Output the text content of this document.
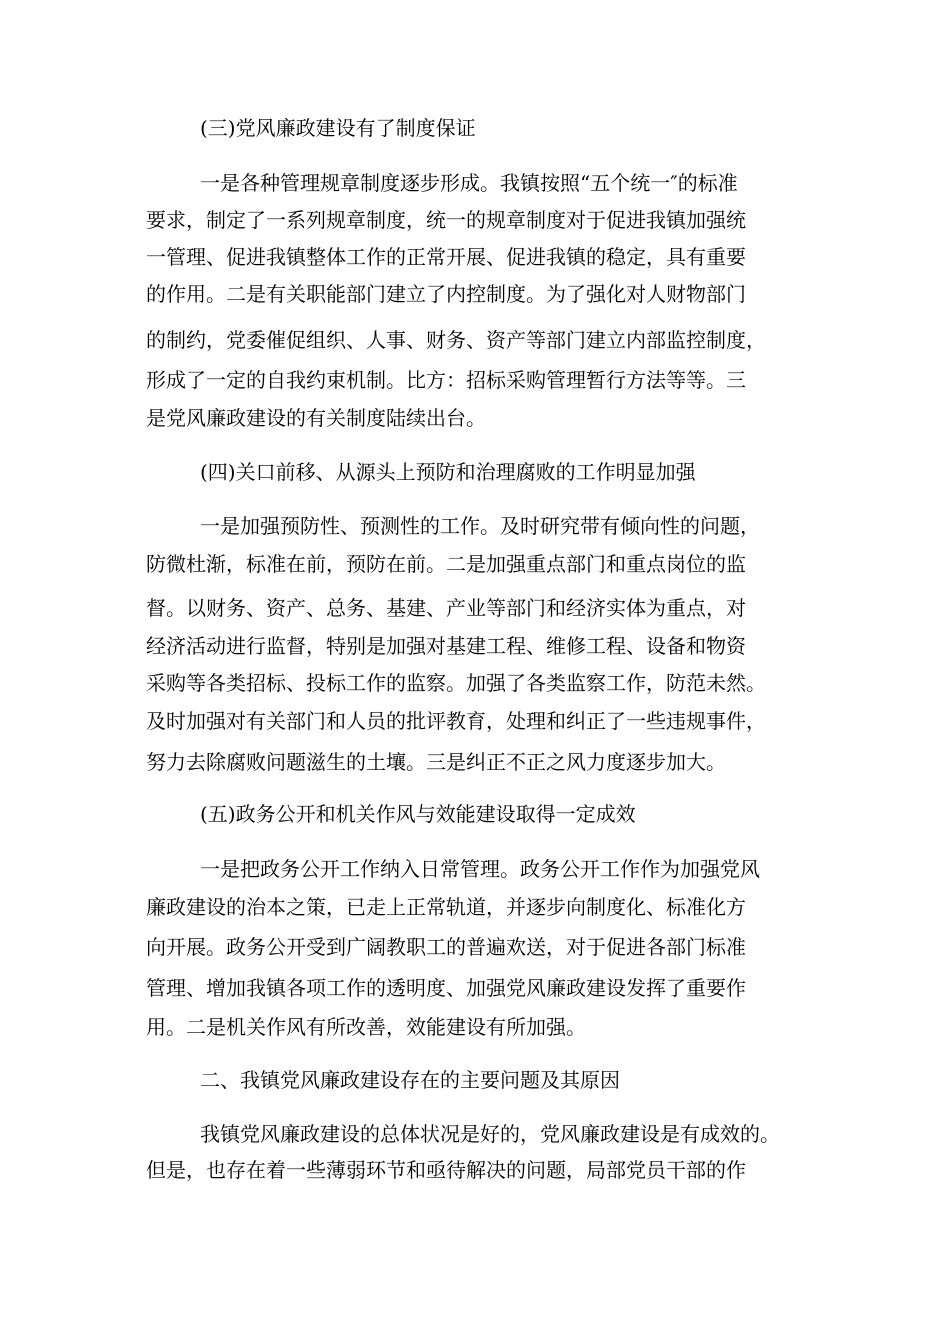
(三)党风廉政建设有了制度保证
一是各种管理规章制度逐步形成。我镇按照“五个统一″的标准
要求，制定了一系列规章制度，统一的规章制度对于促进我镇加强统
一管理、促进我镇整体工作的正常开展、促进我镇的稳定，具有重要
的作用。二是有关职能部门建立了内控制度。为了强化对人财物部门
的制约，党委催促组织、人事、财务、资产等部门建立内部监控制度，
形成了一定的自我约束机制。比方：招标采购管理暂行方法等等。三
是党风廉政建设的有关制度陆续出台。
(四)关口前移、从源头上预防和治理腐败的工作明显加强
一是加强预防性、预测性的工作。及时研究带有倾向性的问题，
防微杜渐，标准在前，预防在前。二是加强重点部门和重点岗位的监
督。以财务、资产、总务、基建、产业等部门和经济实体为重点，对
经济活动进行监督，特别是加强对基建工程、维修工程、设备和物资
采购等各类招标、投标工作的监察。加强了各类监察工作，防范未然。
及时加强对有关部门和人员的批评教育，处理和纠正了一些违规事件，
努力去除腐败问题滋生的土壤。三是纠正不正之风力度逐步加大。
(五)政务公开和机关作风与效能建设取得一定成效
一是把政务公开工作纳入日常管理。政务公开工作作为加强党风
廉政建设的治本之策，已走上正常轨道，并逐步向制度化、标准化方
向开展。政务公开受到广阔教职工的普遍欢送，对于促进各部门标准
管理、增加我镇各项工作的透明度、加强党风廉政建设发挥了重要作
用。二是机关作风有所改善，效能建设有所加强。
二、我镇党风廉政建设存在的主要问题及其原因
我镇党风廉政建设的总体状况是好的，党风廉政建设是有成效的。
但是，也存在着一些薄弱环节和亟待解决的问题，局部党员干部的作
